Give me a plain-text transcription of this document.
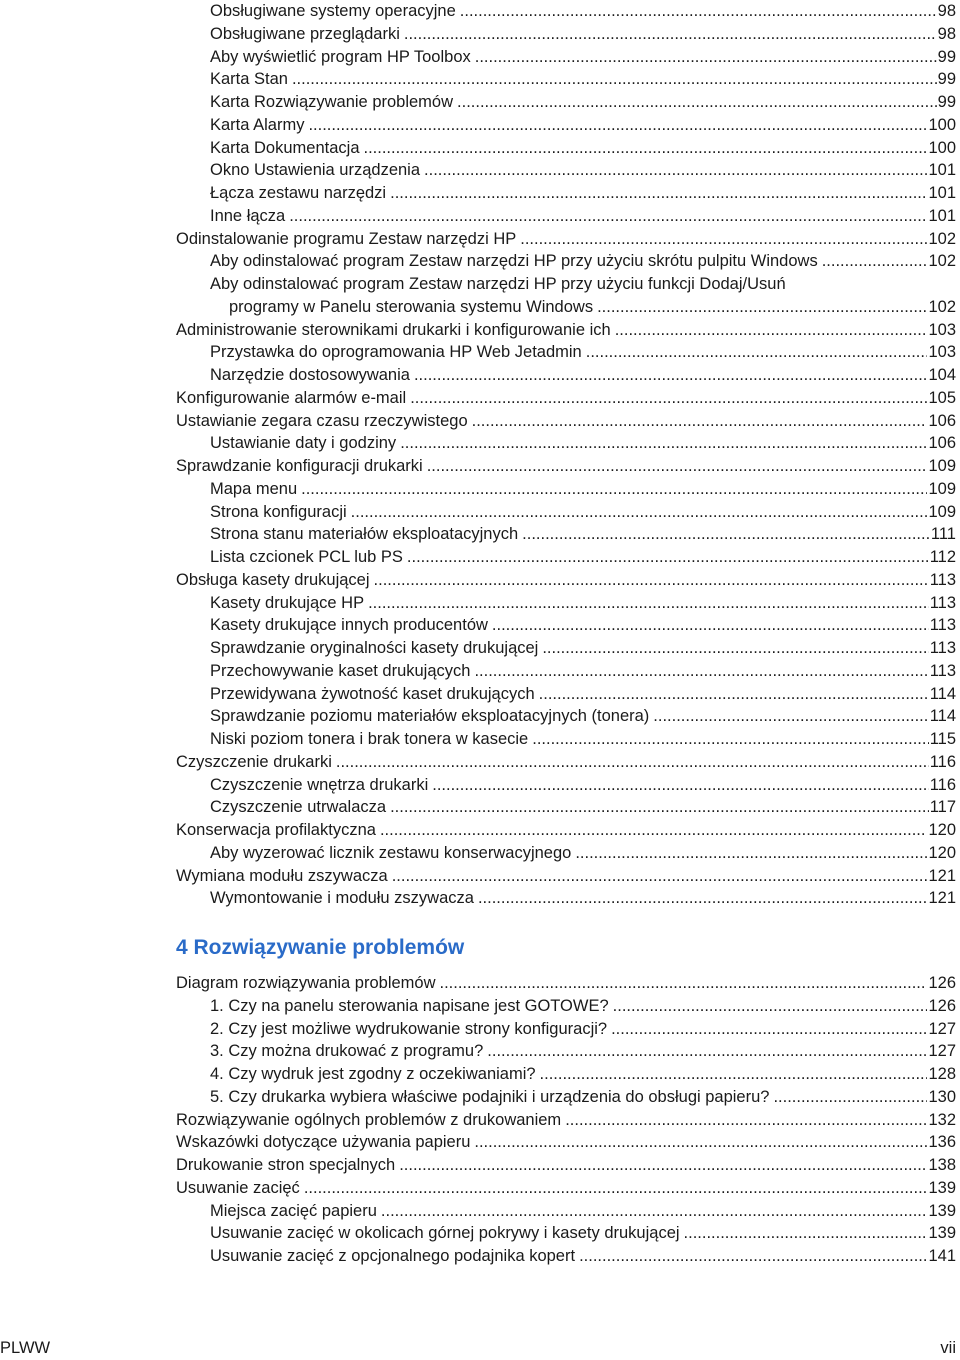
Obsługiwane systemy operacyjne .....	98
Obsługiwane przeglądarki .....	98
Aby wyświetlić program HP Toolbox .....	99
Karta Stan .....	99
Karta Rozwiązywanie problemów .....	99
Karta Alarmy .....	100
Karta Dokumentacja .....	100
Okno Ustawienia urządzenia .....	101
Łącza zestawu narzędzi .....	101
Inne łącza .....	101
Odinstalowanie programu Zestaw narzędzi HP .....	102
Aby odinstalować program Zestaw narzędzi HP przy użyciu skrótu pulpitu Windows .....	102
Aby odinstalować program Zestaw narzędzi HP przy użyciu funkcji Dodaj/Usuń
programy w Panelu sterowania systemu Windows .....	102
Administrowanie sterownikami drukarki i konfigurowanie ich .....	103
Przystawka do oprogramowania HP Web Jetadmin .....	103
Narzędzie dostosowywania .....	104
Konfigurowanie alarmów e-mail .....	105
Ustawianie zegara czasu rzeczywistego .....	106
Ustawianie daty i godziny .....	106
Sprawdzanie konfiguracji drukarki .....	109
Mapa menu .....	109
Strona konfiguracji .....	109
Strona stanu materiałów eksploatacyjnych .....	111
Lista czcionek PCL lub PS .....	112
Obsługa kasety drukującej .....	113
Kasety drukujące HP .....	113
Kasety drukujące innych producentów .....	113
Sprawdzanie oryginalności kasety drukującej .....	113
Przechowywanie kaset drukujących .....	113
Przewidywana żywotność kaset drukujących .....	114
Sprawdzanie poziomu materiałów eksploatacyjnych (tonera) .....	114
Niski poziom tonera i brak tonera w kasecie .....	115
Czyszczenie drukarki .....	116
Czyszczenie wnętrza drukarki .....	116
Czyszczenie utrwalacza .....	117
Konserwacja profilaktyczna .....	120
Aby wyzerować licznik zestawu konserwacyjnego .....	120
Wymiana modułu zszywacza .....	121
Wymontowanie i modułu zszywacza .....	121
4 Rozwiązywanie problemów
Diagram rozwiązywania problemów .....	126
1. Czy na panelu sterowania napisane jest GOTOWE? .....	126
2. Czy jest możliwe wydrukowanie strony konfiguracji? .....	127
3. Czy można drukować z programu? .....	127
4. Czy wydruk jest zgodny z oczekiwaniami? .....	128
5. Czy drukarka wybiera właściwe podajniki i urządzenia do obsługi papieru? .....	130
Rozwiązywanie ogólnych problemów z drukowaniem .....	132
Wskazówki dotyczące używania papieru .....	136
Drukowanie stron specjalnych .....	138
Usuwanie zacięć .....	139
Miejsca zacięć papieru .....	139
Usuwanie zacięć w okolicach górnej pokrywy i kasety drukującej .....	139
Usuwanie zacięć z opcjonalnego podajnika kopert .....	141
PLWW	vii
